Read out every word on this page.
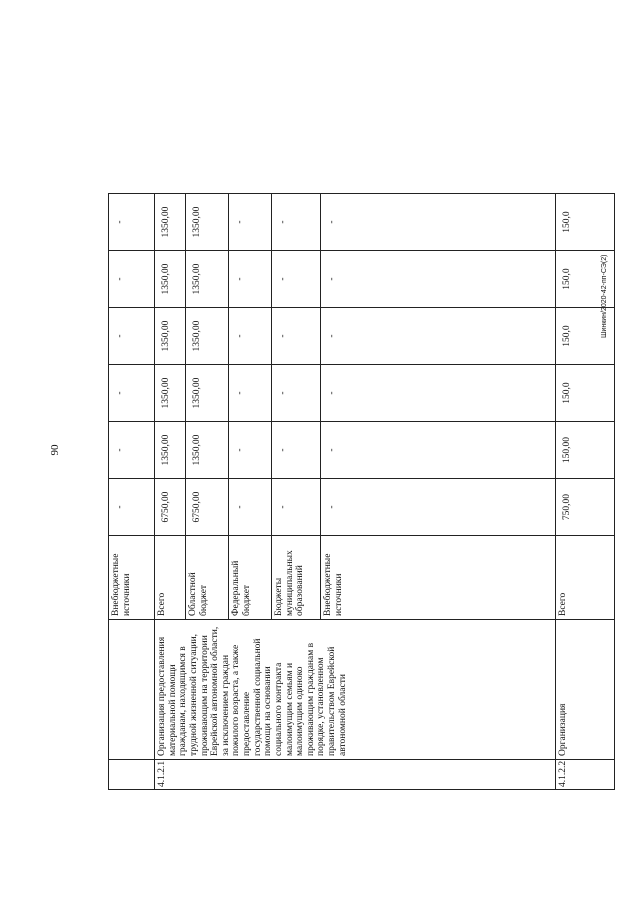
90
Шинкин/2020-42-пп-СЭ(2)
		Внебюджетные источники	-	-	-	-	-	-
4.1.2.1	Организация предоставления материальной помощи гражданам, находящимся в трудной жизненной ситуации, проживающим на территории Еврейской автономной области, за исключением граждан пожилого возраста, а также предоставление государственной социальной помощи на основании социального контракта малоимущим семьям и малоимущим одиноко проживающим гражданам в порядке, установленном правительством Еврейской автономной области	Всего	6750,00	1350,00	1350,00	1350,00	1350,00	1350,00
		Областной бюджет	6750,00	1350,00	1350,00	1350,00	1350,00	1350,00
		Федеральный бюджет	-	-	-	-	-	-
		Бюджеты муниципальных образований	-	-	-	-	-	-
		Внебюджетные источники	-	-	-	-	-	-
4.1.2.2	Организация	Всего	750,00	150,00	150,0	150,0	150,0	150,0
